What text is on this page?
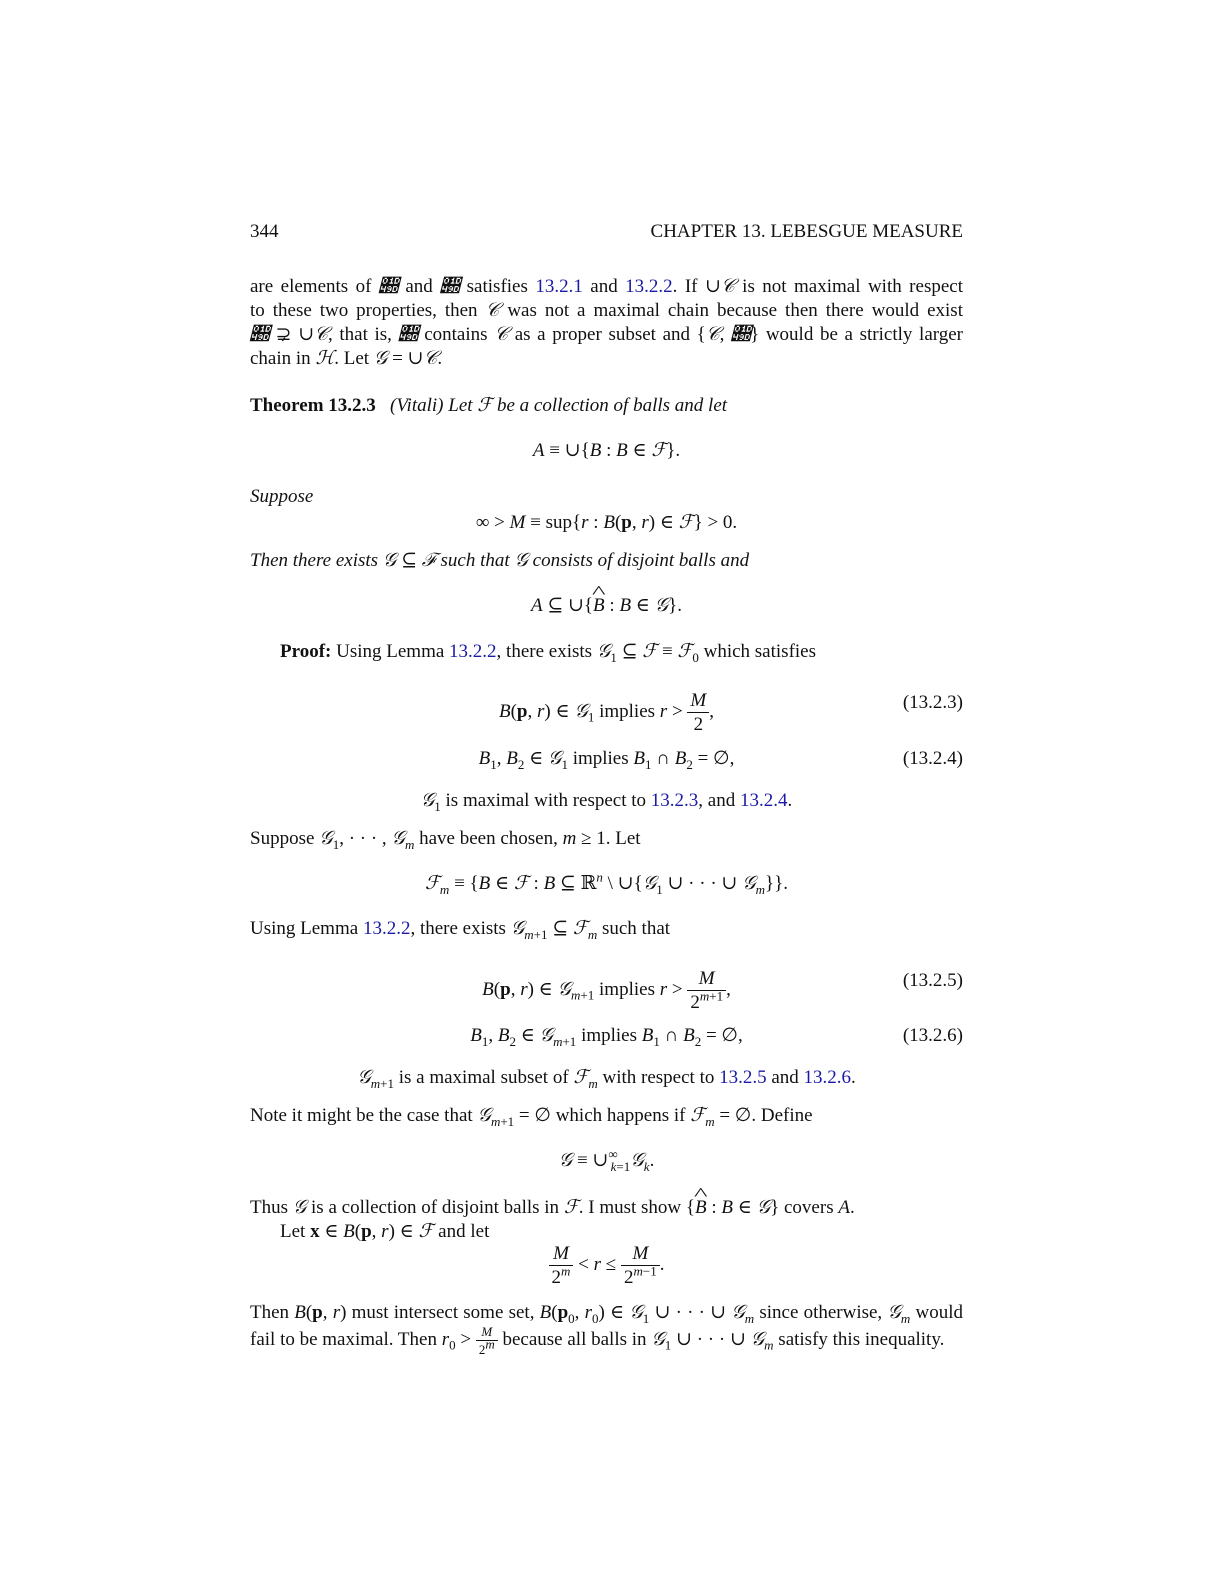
344	CHAPTER 13. LEBESGUE MEASURE
are elements of 𝒝 and 𝒝 satisfies 13.2.1 and 13.2.2. If ∪𝒞 is not maximal with respect
to these two properties, then 𝒞 was not a maximal chain because then there would exist
𝒝 ⊋ ∪𝒞, that is, 𝒝 contains 𝒞 as a proper subset and {𝒞, 𝒝} would be a strictly larger
chain in ℋ. Let 𝒢 = ∪𝒞.
Theorem 13.2.3 (Vitali) Let ℱ be a collection of balls and let
A ≡ ∪{B : B ∈ ℱ}.
Suppose
∞ > M ≡ sup{r : B(p, r) ∈ ℱ} > 0.
Then there exists 𝒢 ⊆ ℱ such that 𝒢 consists of disjoint balls and
A ⊆ ∪{^ B : B ∈ 𝒢}.
Proof: Using Lemma 13.2.2, there exists 𝒢$_1$ ⊆ ℱ ≡ ℱ$_0$ which satisfies
B(p, r) ∈ 𝒢$_1$ implies $r > \frac{M}{2}$ ,	(13.2.3)
$B_1$, $B_2$ ∈ 𝒢$_1$ implies $B_1$ ∩ $B_2$ = ∅,	(13.2.4)
𝒢$_1$ is maximal with respect to 13.2.3, and 13.2.4.
Suppose 𝒢$_1$, · · · , 𝒢$_m$ have been chosen, m ≥ 1. Let
ℱ$_m$ ≡ {B ∈ ℱ : B ⊆ ℝ$^n$ \ ∪{𝒢$_1$ ∪ · · · ∪ 𝒢$_m$}}.
Using Lemma 13.2.2, there exists 𝒢$_{m+1}$ ⊆ ℱ$_m$ such that
B(p, r) ∈ 𝒢$_{m+1}$ implies $r > \frac{M}{2^{m+1}}$ ,	(13.2.5)
$B_1$, $B_2$ ∈ 𝒢$_{m+1}$ implies $B_1$ ∩ $B_2$ = ∅,	(13.2.6)
𝒢$_{m+1}$ is a maximal subset of ℱ$_m$ with respect to 13.2.5 and 13.2.6.
Note it might be the case that 𝒢$_{m+1}$ = ∅ which happens if ℱ$_m$ = ∅. Define
𝒢 ≡ $\cup^\infty_{k=1}𝒢_k$.
Thus 𝒢 is a collection of disjoint balls in ℱ. I must show {^ B : B ∈ 𝒢} covers A.
Let x ∈ B(p, r) ∈ ℱ and let
$\frac{M}{2^m} < r \le \frac{M}{2^{m-1}}$ .
Then B(p, r) must intersect some set, $B(p_0$, $r_0$) ∈ 𝒢$_1$ ∪ · · · ∪ 𝒢$_m$ since otherwise, 𝒢$_m$ would
fail to be maximal. Then $r_0 > \frac{M}{2^m}$ because all balls in 𝒢$_1$ ∪ · · · ∪ 𝒢$_m$ satisfy this inequality.
